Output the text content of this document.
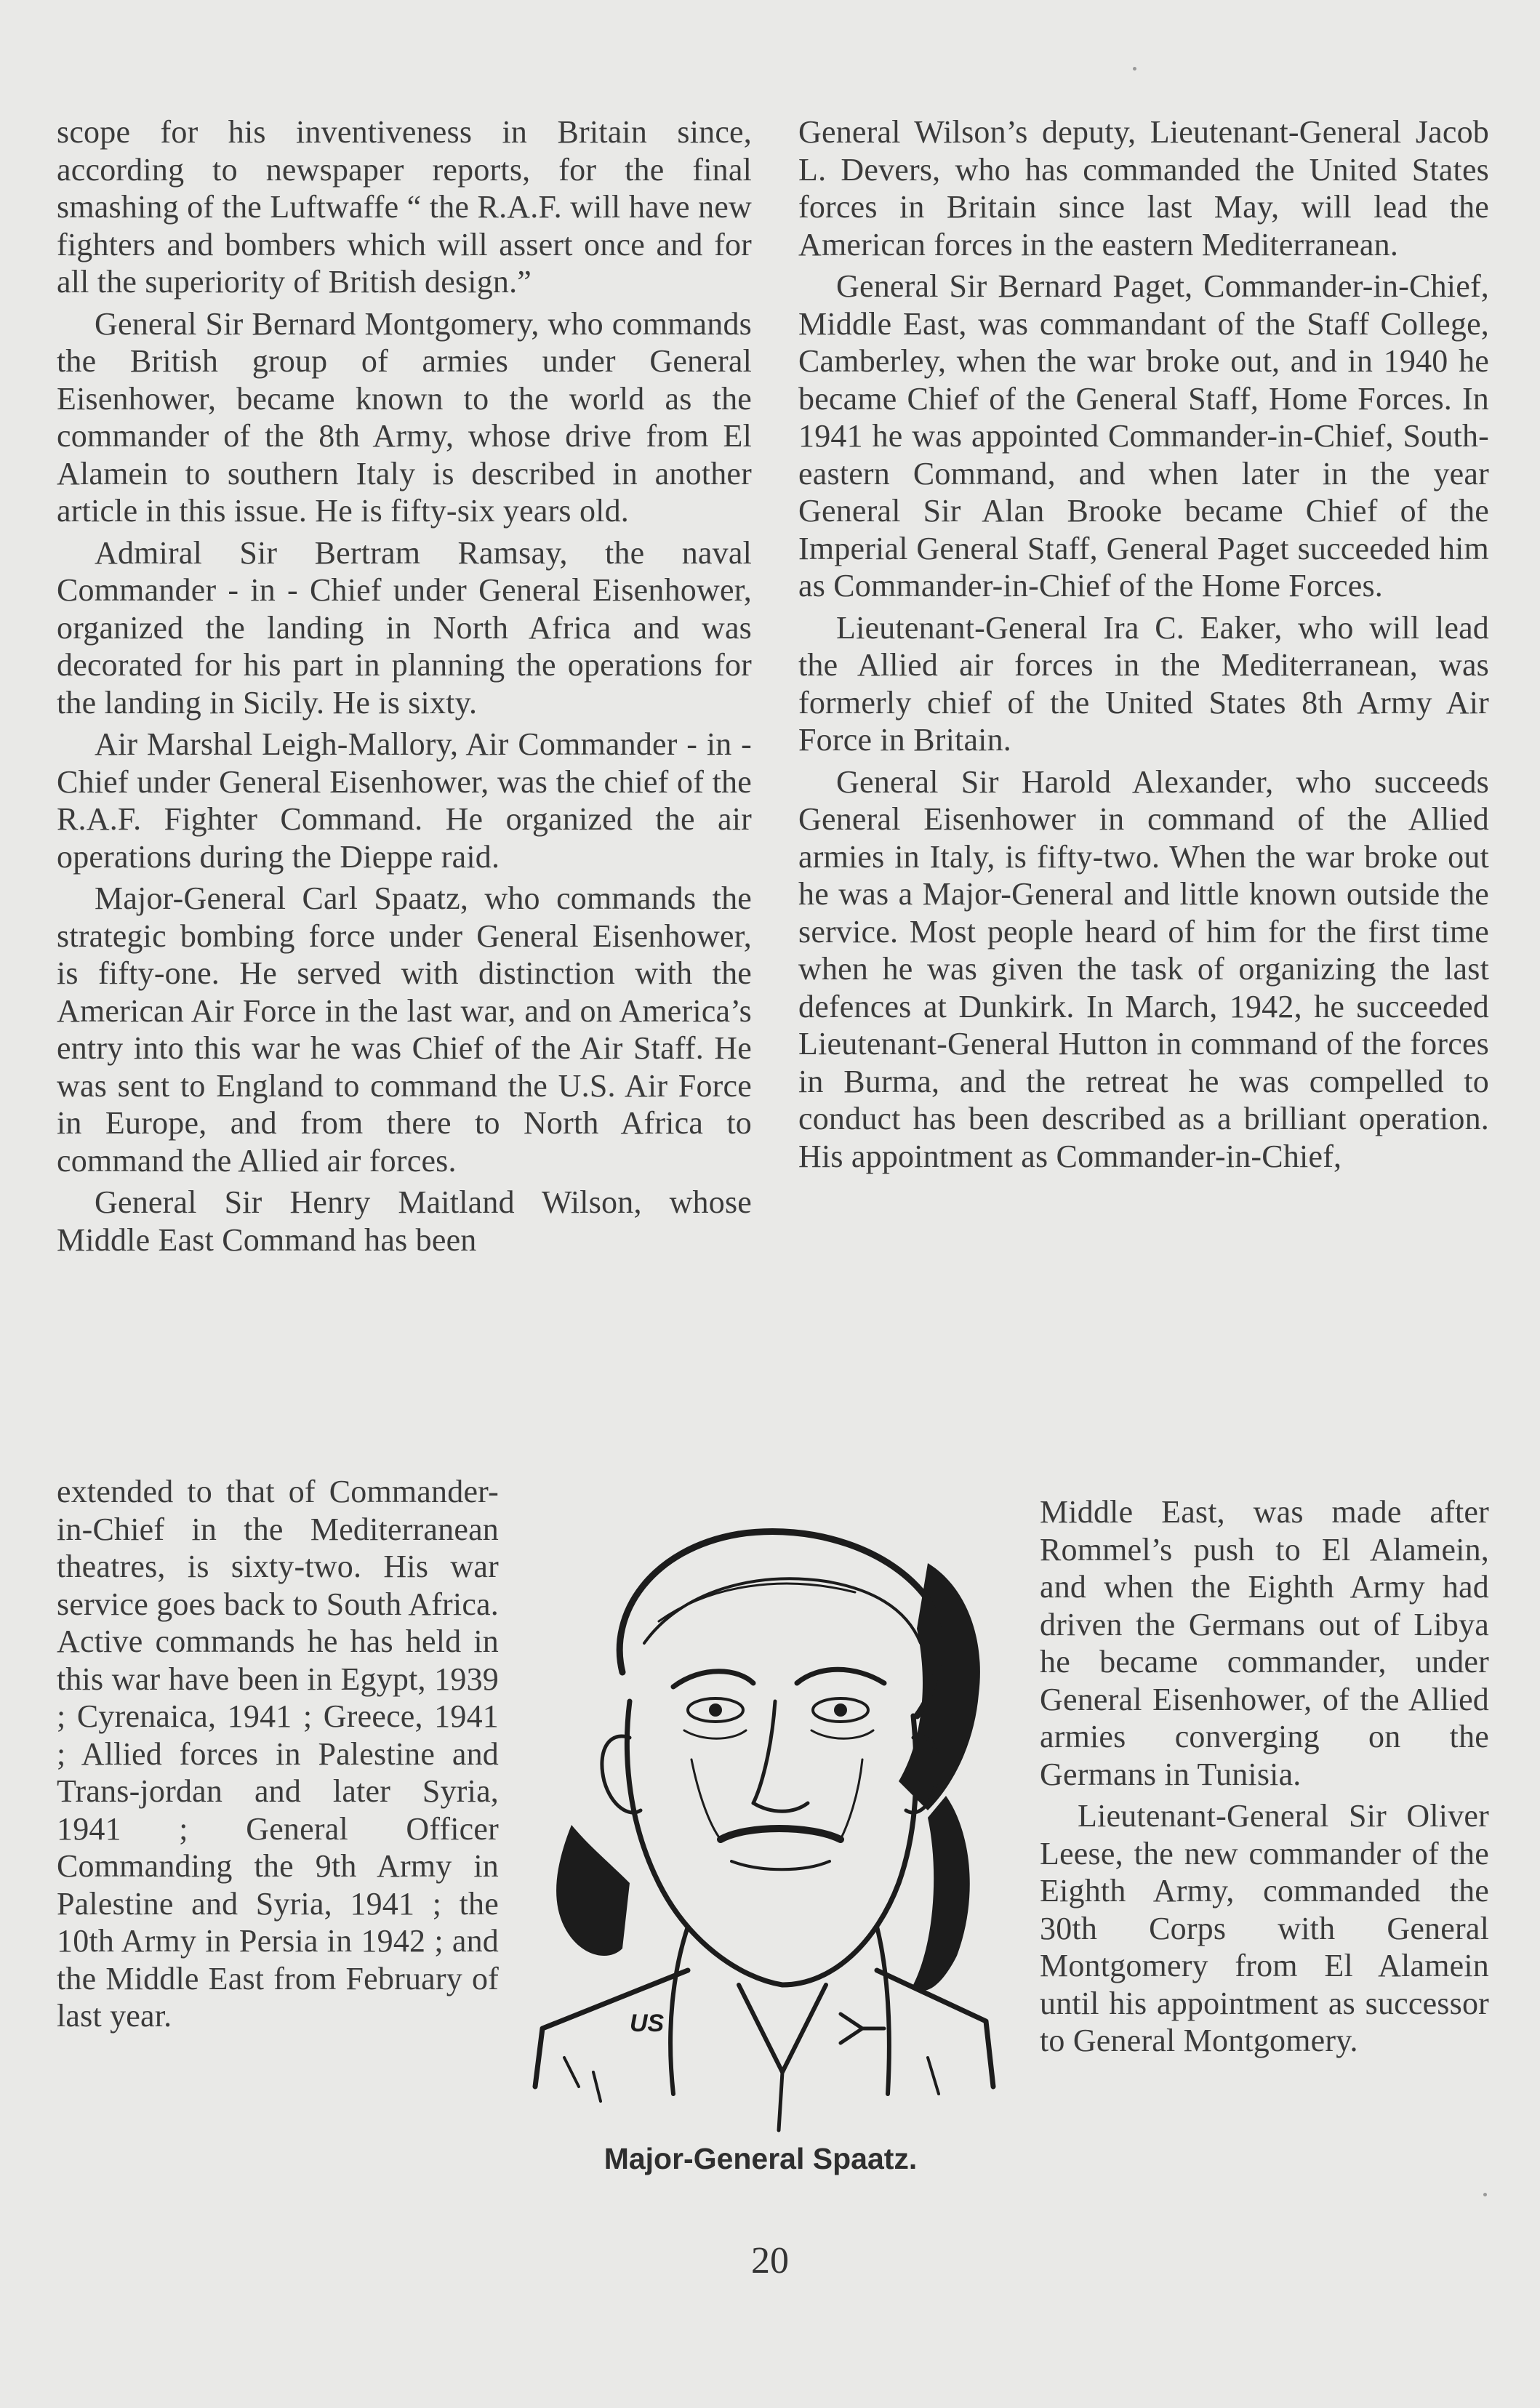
scope for his inventiveness in Britain since, according to newspaper reports, for the final smashing of the Luftwaffe “ the R.A.F. will have new fighters and bombers which will assert once and for all the superiority of British design.”

General Sir Bernard Montgomery, who commands the British group of armies under General Eisenhower, became known to the world as the commander of the 8th Army, whose drive from El Alamein to southern Italy is described in another article in this issue. He is fifty-six years old.

Admiral Sir Bertram Ramsay, the naval Commander - in - Chief under General Eisenhower, organized the landing in North Africa and was decorated for his part in planning the operations for the landing in Sicily. He is sixty.

Air Marshal Leigh-Mallory, Air Commander - in - Chief under General Eisenhower, was the chief of the R.A.F. Fighter Command. He organized the air operations during the Dieppe raid.

Major-General Carl Spaatz, who commands the strategic bombing force under General Eisenhower, is fifty-one. He served with distinction with the American Air Force in the last war, and on America’s entry into this war he was Chief of the Air Staff. He was sent to England to command the U.S. Air Force in Europe, and from there to North Africa to command the Allied air forces.

General Sir Henry Maitland Wilson, whose Middle East Command has been

extended to that of Commander-in-Chief in the Mediterranean theatres, is sixty-two. His war service goes back to South Africa. Active commands he has held in this war have been in Egypt, 1939 ; Cyrenaica, 1941 ; Greece, 1941 ; Allied forces in Palestine and Trans-jordan and later Syria, 1941 ; General Officer Commanding the 9th Army in Palestine and Syria, 1941 ; the 10th Army in Persia in 1942 ; and the Middle East from February of last year.

General Wilson’s deputy, Lieutenant-General Jacob L. Devers, who has commanded the United States forces in Britain since last May, will lead the American forces in the eastern Mediterranean.

General Sir Bernard Paget, Commander-in-Chief, Middle East, was commandant of the Staff College, Camberley, when the war broke out, and in 1940 he became Chief of the General Staff, Home Forces. In 1941 he was appointed Commander-in-Chief, South-eastern Command, and when later in the year General Sir Alan Brooke became Chief of the Imperial General Staff, General Paget succeeded him as Commander-in-Chief of the Home Forces.

Lieutenant-General Ira C. Eaker, who will lead the Allied air forces in the Mediterranean, was formerly chief of the United States 8th Army Air Force in Britain.

General Sir Harold Alexander, who succeeds General Eisenhower in command of the Allied armies in Italy, is fifty-two. When the war broke out he was a Major-General and little known outside the service. Most people heard of him for the first time when he was given the task of organizing the last defences at Dunkirk. In March, 1942, he succeeded Lieutenant-General Hutton in command of the forces in Burma, and the retreat he was compelled to conduct has been described as a brilliant operation. His appointment as Commander-in-Chief,

Middle East, was made after Rommel’s push to El Alamein, and when the Eighth Army had driven the Germans out of Libya he became commander, under General Eisenhower, of the Allied armies converging on the Germans in Tunisia.

Lieutenant-General Sir Oliver Leese, the new commander of the Eighth Army, commanded the 30th Corps with General Montgomery from El Alamein until his appointment as successor to General Montgomery.

US
Major-General Spaatz.
20
